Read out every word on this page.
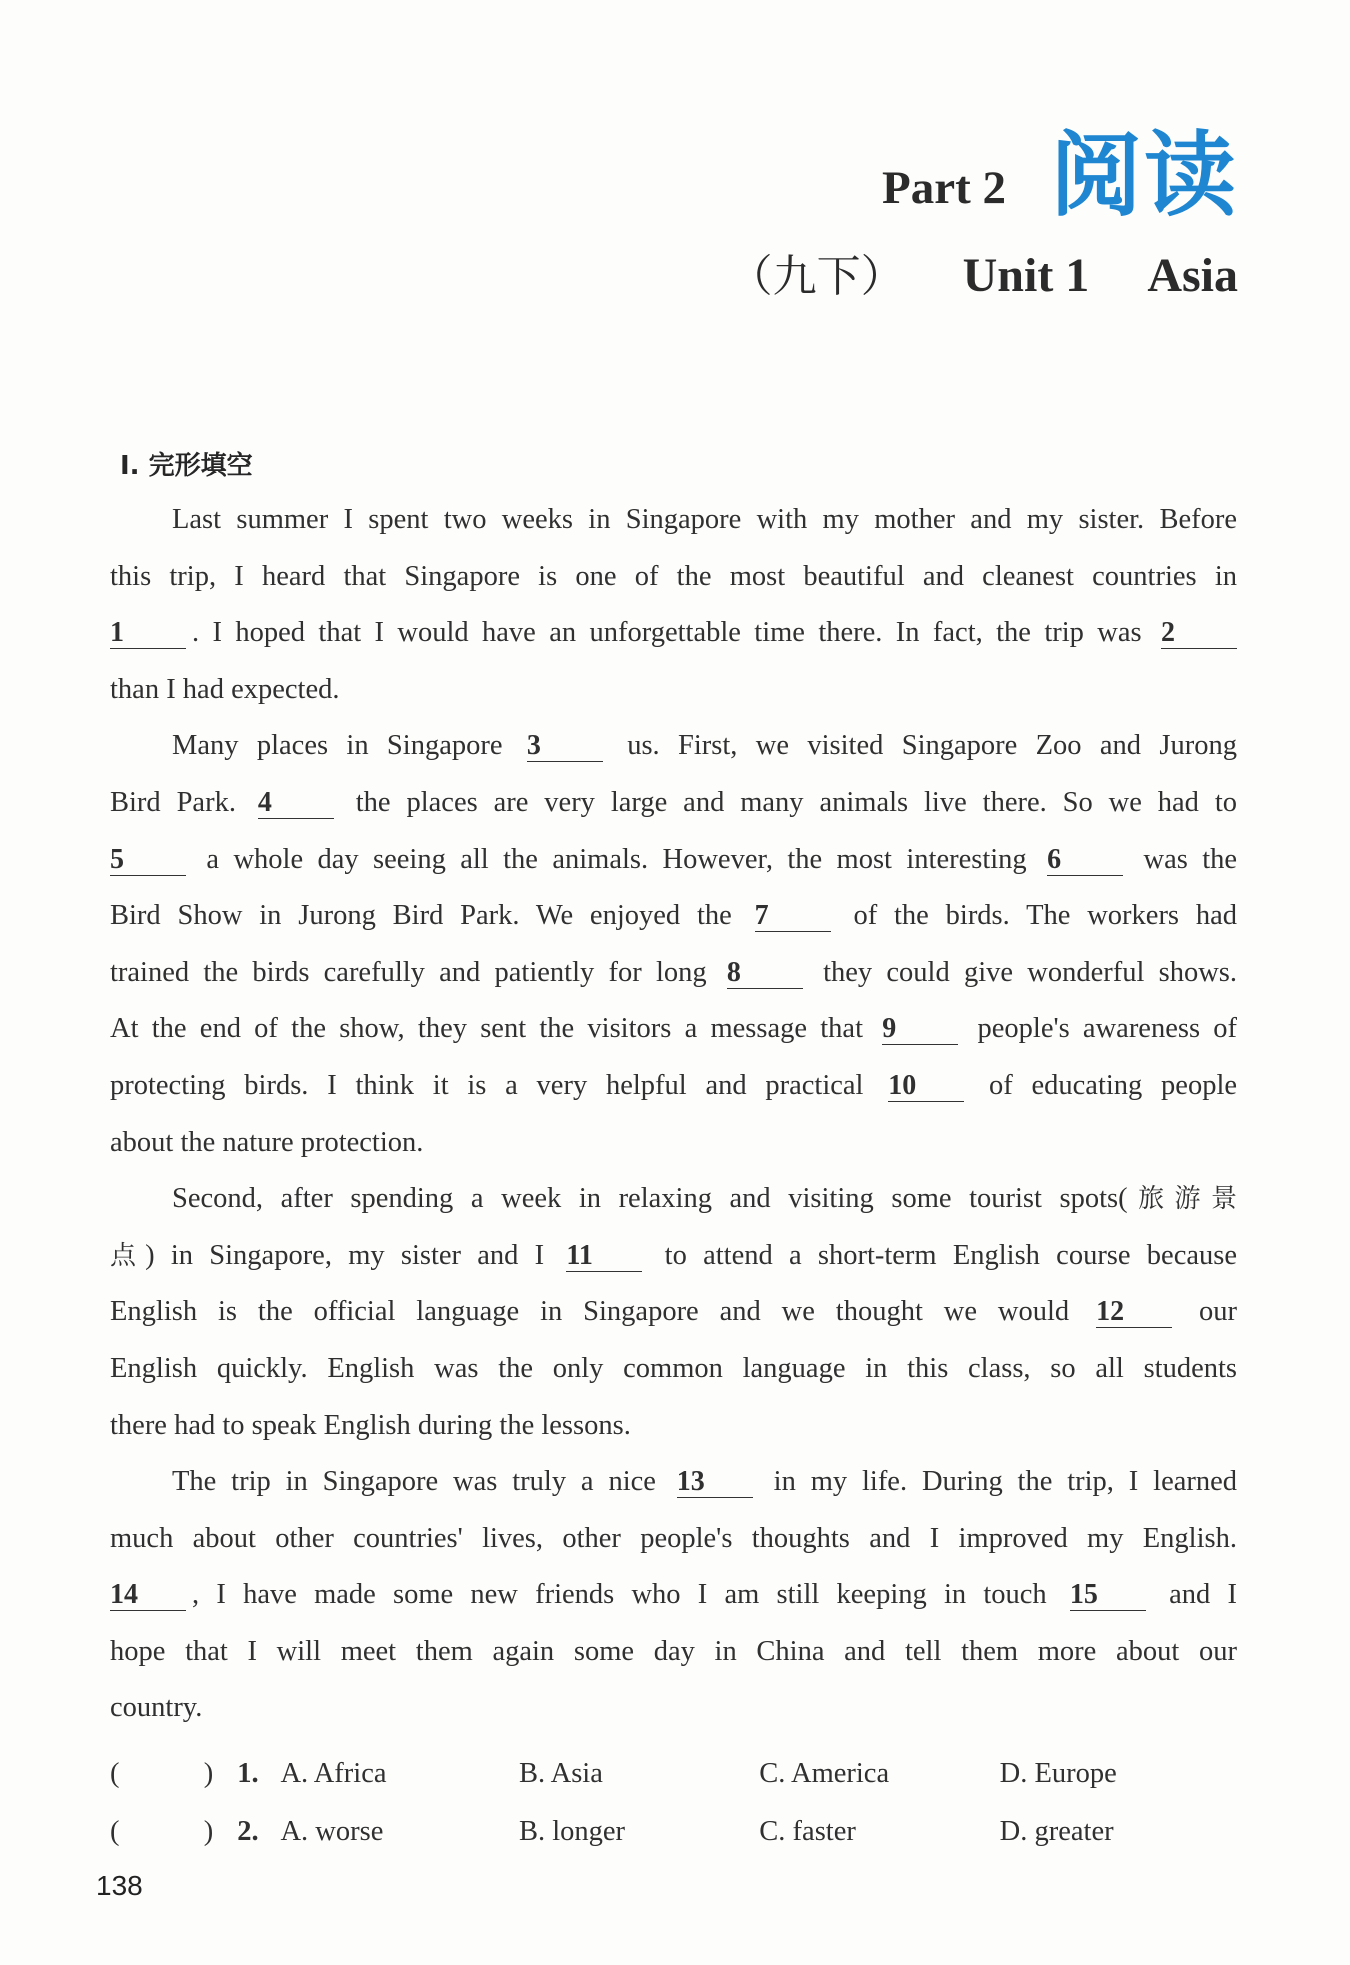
Part 2 阅读
（九下） Unit 1 Asia
Ⅰ. 完形填空

Last summer I spent two weeks in Singapore with my mother and my sister. Before

this trip, I heard that Singapore is one of the most beautiful and cleanest countries in

1 . I hoped that I would have an unforgettable time there. In fact, the trip was 2

than I had expected.

Many places in Singapore 3	us. First, we visited Singapore Zoo and Jurong

Bird Park. 4	the places are very large and many animals live there. So we had to

5	a whole day seeing all the animals. However, the most interesting 6	was the

Bird Show in Jurong Bird Park. We enjoyed the 7	of the birds. The workers had

trained the birds carefully and patiently for long 8	they could give wonderful shows.

At the end of the show, they sent the visitors a message that 9	people's awareness of

protecting birds. I think it is a very helpful and practical 10	of educating people

about the nature protection.

Second, after spending a week in relaxing and visiting some tourist spots(旅游景

点) in Singapore, my sister and I 11	to attend a short-term English course because

English is the official language in Singapore and we thought we would 12	our

English quickly. English was the only common language in this class, so all students

there had to speak English during the lessons.

The trip in Singapore was truly a nice 13 in my life. During the trip, I learned

much about other countries' lives, other people's thoughts and I improved my English.

14 , I have made some new friends who I am still keeping in touch 15 and I

hope that I will meet them again some day in China and tell them more about our

country.

(	) 1. A. Africa	B. Asia	C. America	D. Europe
(	) 2. A. worse	B. longer	C. faster	D. greater
138
